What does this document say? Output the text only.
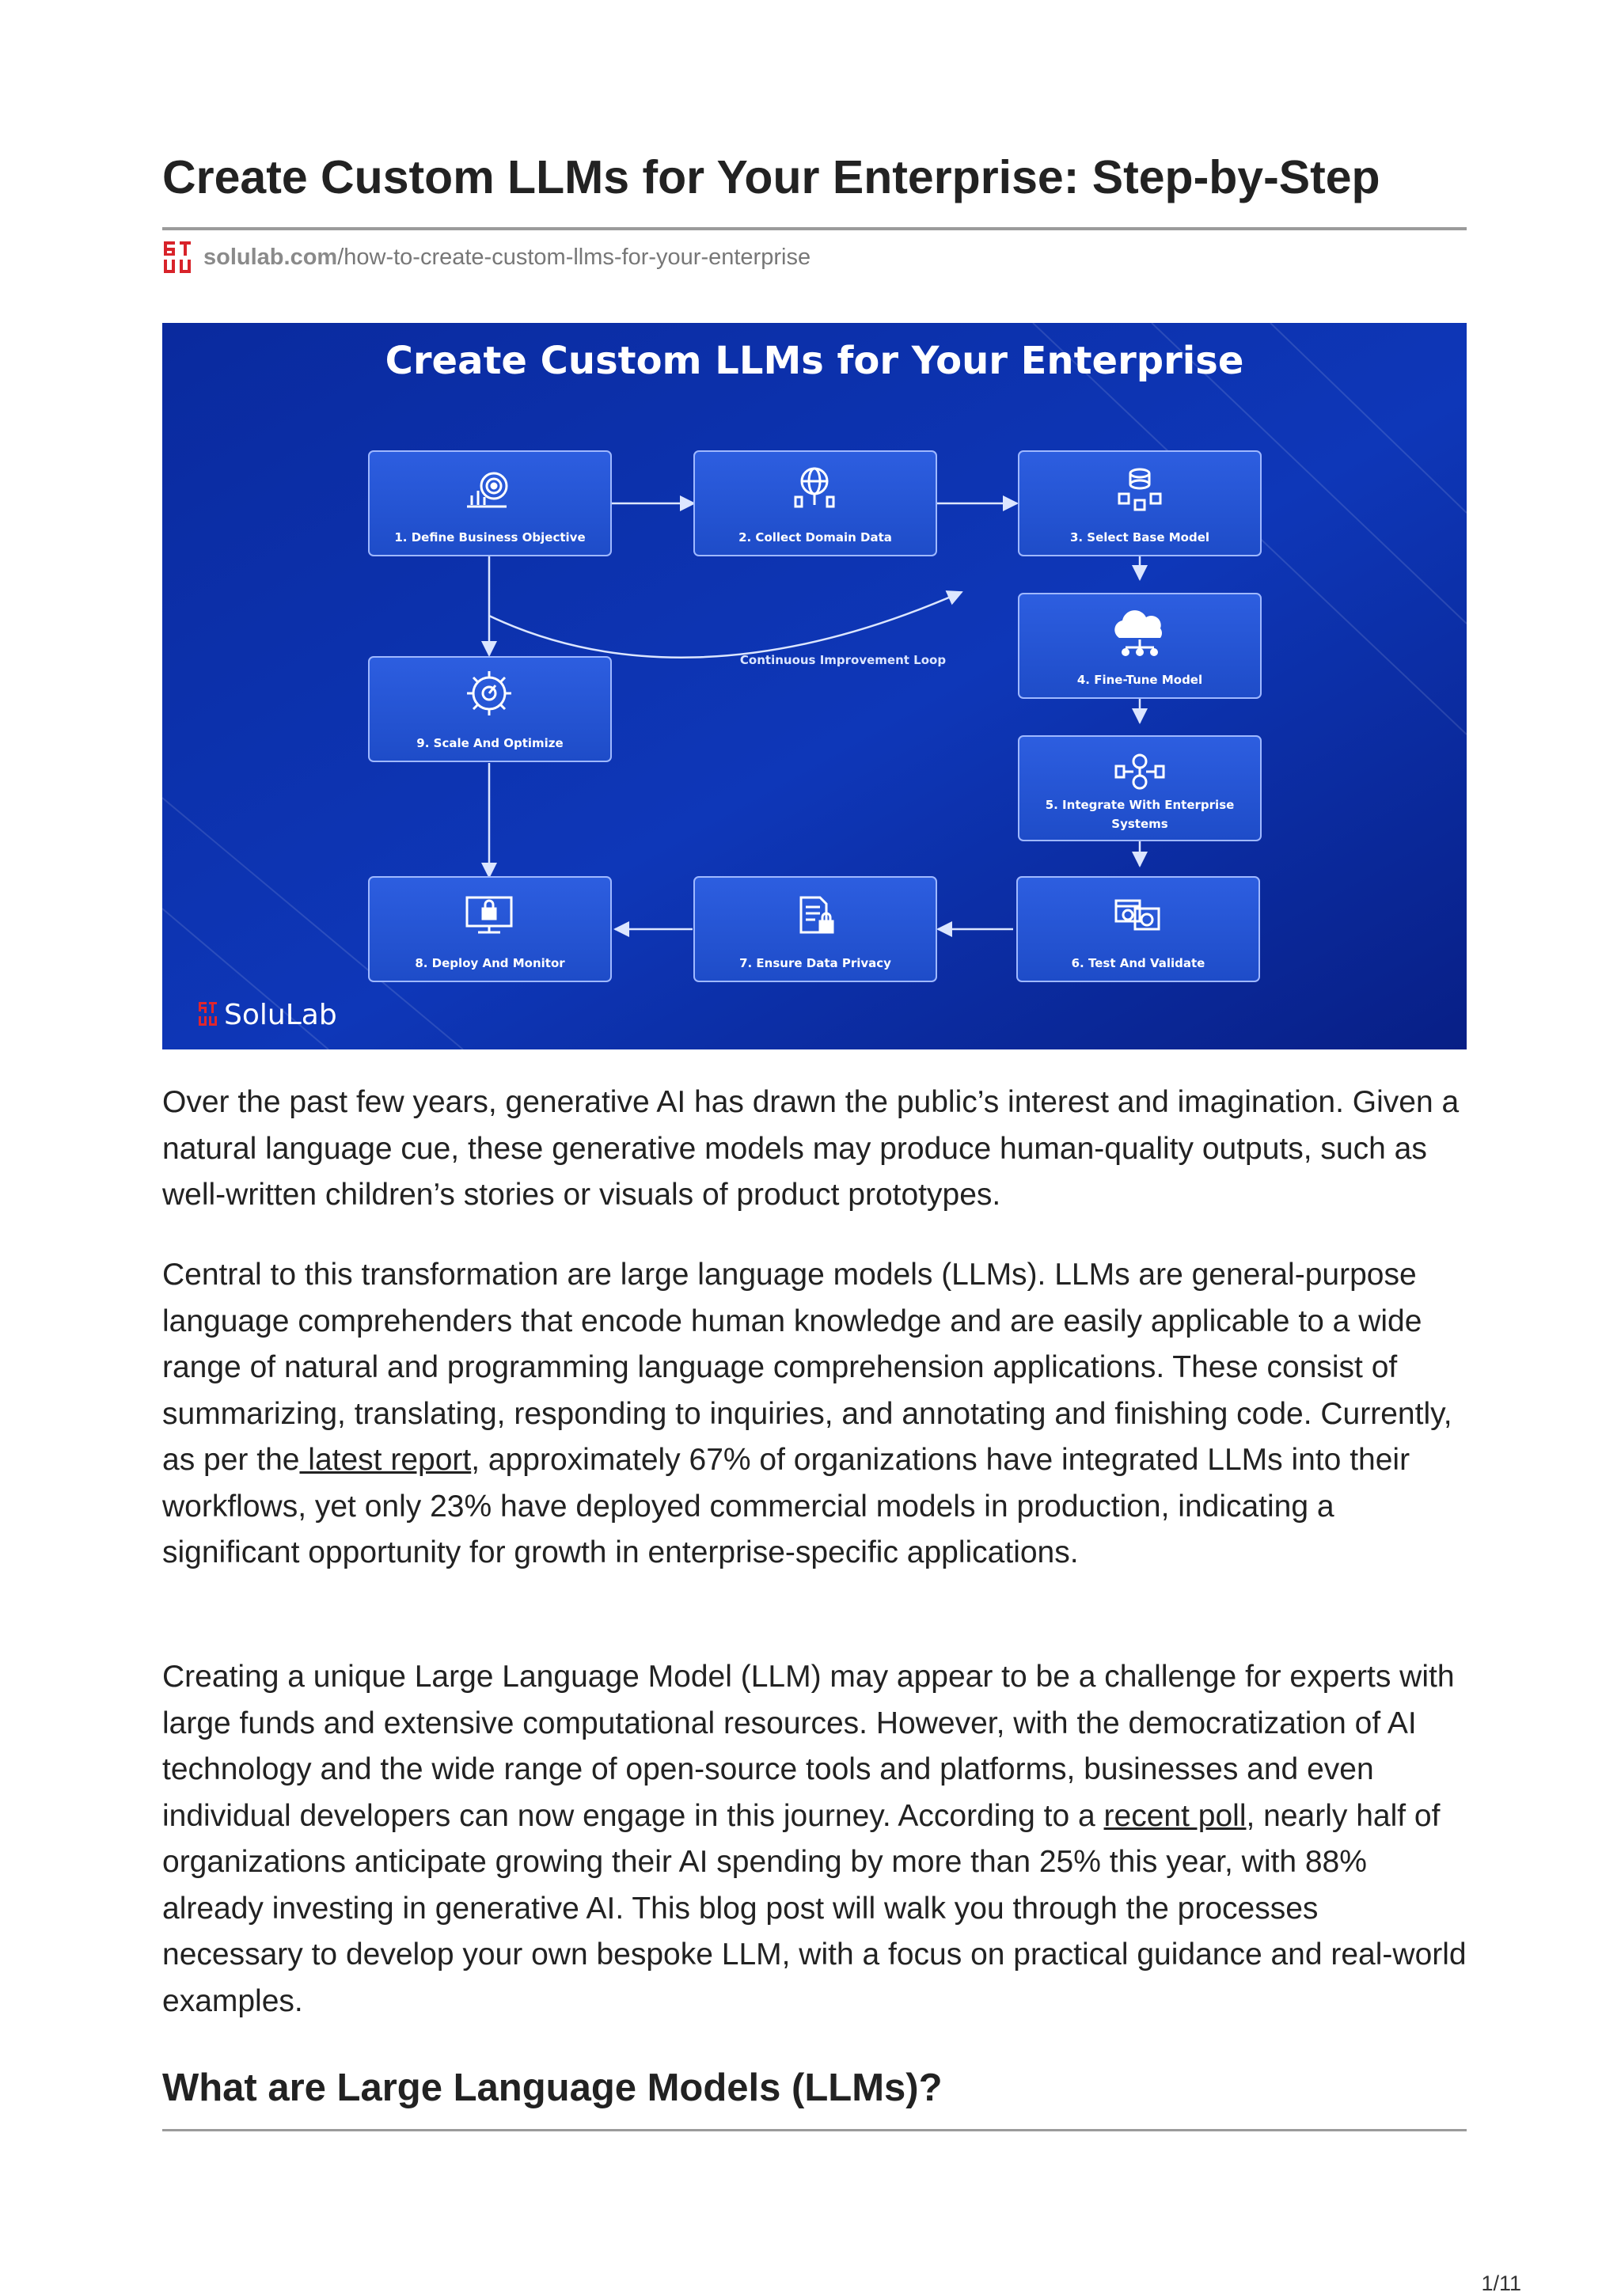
Create Custom LLMs for Your Enterprise: Step-by-Step
solulab.com /how-to-create-custom-llms-for-your-enterprise
Create Custom LLMs for Your Enterprise
Continuous Improvement Loop
1. Define Business Objective	2. Collect Domain Data	3. Select Base Model
4. Fine-Tune Model
5. Integrate With Enterprise Systems
6. Test And Validate
7. Ensure Data Privacy
8. Deploy And Monitor
9. Scale And Optimize
SoluLab

Over the past few years, generative AI has drawn the public’s interest and imagination. Given a natural language cue, these generative models may produce human-quality outputs, such as well-written children’s stories or visuals of product prototypes.

Central to this transformation are large language models (LLMs). LLMs are general-purpose language comprehenders that encode human knowledge and are easily applicable to a wide range of natural and programming language comprehension applications. These consist of summarizing, translating, responding to inquiries, and annotating and finishing code. Currently, as per the latest report, approximately 67% of organizations have integrated LLMs into their workflows, yet only 23% have deployed commercial models in production, indicating a significant opportunity for growth in enterprise-specific applications.

Creating a unique Large Language Model (LLM) may appear to be a challenge for experts with large funds and extensive computational resources. However, with the democratization of AI technology and the wide range of open-source tools and platforms, businesses and even individual developers can now engage in this journey. According to a recent poll, nearly half of organizations anticipate growing their AI spending by more than 25% this year, with 88% already investing in generative AI. This blog post will walk you through the processes necessary to develop your own bespoke LLM, with a focus on practical guidance and real-world examples.

What are Large Language Models (LLMs)?
1/11
